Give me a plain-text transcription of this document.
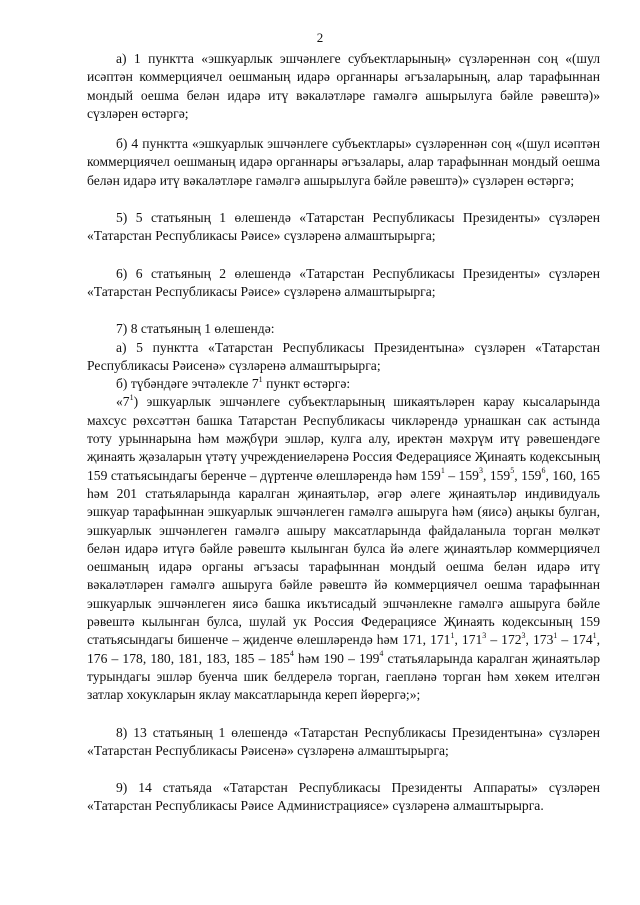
2

а) 1 пунктта «эшкуарлык эшчәнлеге субъектларының» сүзләреннән соң «(шул исәптән коммерциячел оешманың идарә органнары әгъзаларының, алар тарафыннан мондый оешма белән идарә итү вәкаләтләре гамәлгә ашырылуга бәйле рәвештә)» сүзләрен өстәргә;

б) 4 пунктта «эшкуарлык эшчәнлеге субъектлары» сүзләреннән соң «(шул исәптән коммерциячел оешманың идарә органнары әгъзалары, алар тарафыннан мондый оешма белән идарә итү вәкаләтләре гамәлгә ашырылуга бәйле рәвештә)» сүзләрен өстәргә;

5) 5 статьяның 1 өлешендә «Татарстан Республикасы Президенты» сүзләрен «Татарстан Республикасы Рәисе» сүзләренә алмаштырырга;

6) 6 статьяның 2 өлешендә «Татарстан Республикасы Президенты» сүзләрен «Татарстан Республикасы Рәисе» сүзләренә алмаштырырга;

7) 8 статьяның 1 өлешендә:

а) 5 пунктта «Татарстан Республикасы Президентына» сүзләрен «Татарстан Республикасы Рәисенә» сүзләренә алмаштырырга;

б) түбәндәге эчтәлекле $7^1$ пункт өстәргә:

«$7^1$) эшкуарлык эшчәнлеге субъектларының шикаятьләрен карау кысаларында махсус рөхсәттән башка Татарстан Республикасы чикләрендә урнашкан сак астында тоту урыннарына һәм мәҗбүри эшләр, кулга алу, иректән мәхрүм итү рәвешендәге җинаять җәзаларын үтәтү учреждениеләренә Россия Федерациясе Җинаять кодексының 159 статьясындагы беренче – дүртенче өлешләрендә һәм $159^1 - 159^3$, $159^5$, $159^6$, 160, 165 һәм 201 статьяларында каралган җинаятьләр, әгәр әлеге җинаятьләр индивидуаль эшкуар тарафыннан эшкуарлык эшчәнлеген гамәлгә ашыруга һәм (яисә) аңыкы булган, эшкуарлык эшчәнлеген гамәлгә ашыру максатларында файдаланыла торган мөлкәт белән идарә итүгә бәйле рәвештә кылынган булса йә әлеге җинаятьләр коммерциячел оешманың идарә органы әгъзасы тарафыннан мондый оешма белән идарә итү вәкаләтләрен гамәлгә ашыруга бәйле рәвештә йә коммерциячел оешма тарафыннан эшкуарлык эшчәнлеген яисә башка икътисадый эшчәнлекне гамәлгә ашыруга бәйле рәвештә кылынган булса, шулай ук Россия Федерациясе Җинаять кодексының 159 статьясындагы бишенче – җиденче өлешләрендә һәм 171, $171^1$, $171^3 - 172^3$, $173^1 - 174^1$, 176 – 178, 180, 181, 183, $185 - 185^4$ һәм $190 - 199^4$ статьяларында каралган җинаятьләр турындагы эшләр буенча шик белдерелә торган, гаепләнә торган һәм хөкем ителгән затлар хокукларын яклау максатларында кереп йөрергә;»;

8) 13 статьяның 1 өлешендә «Татарстан Республикасы Президентына» сүзләрен «Татарстан Республикасы Рәисенә» сүзләренә алмаштырырга;

9) 14 статьяда «Татарстан Республикасы Президенты Аппараты» сүзләрен «Татарстан Республикасы Рәисе Администрациясе» сүзләренә алмаштырырга.
